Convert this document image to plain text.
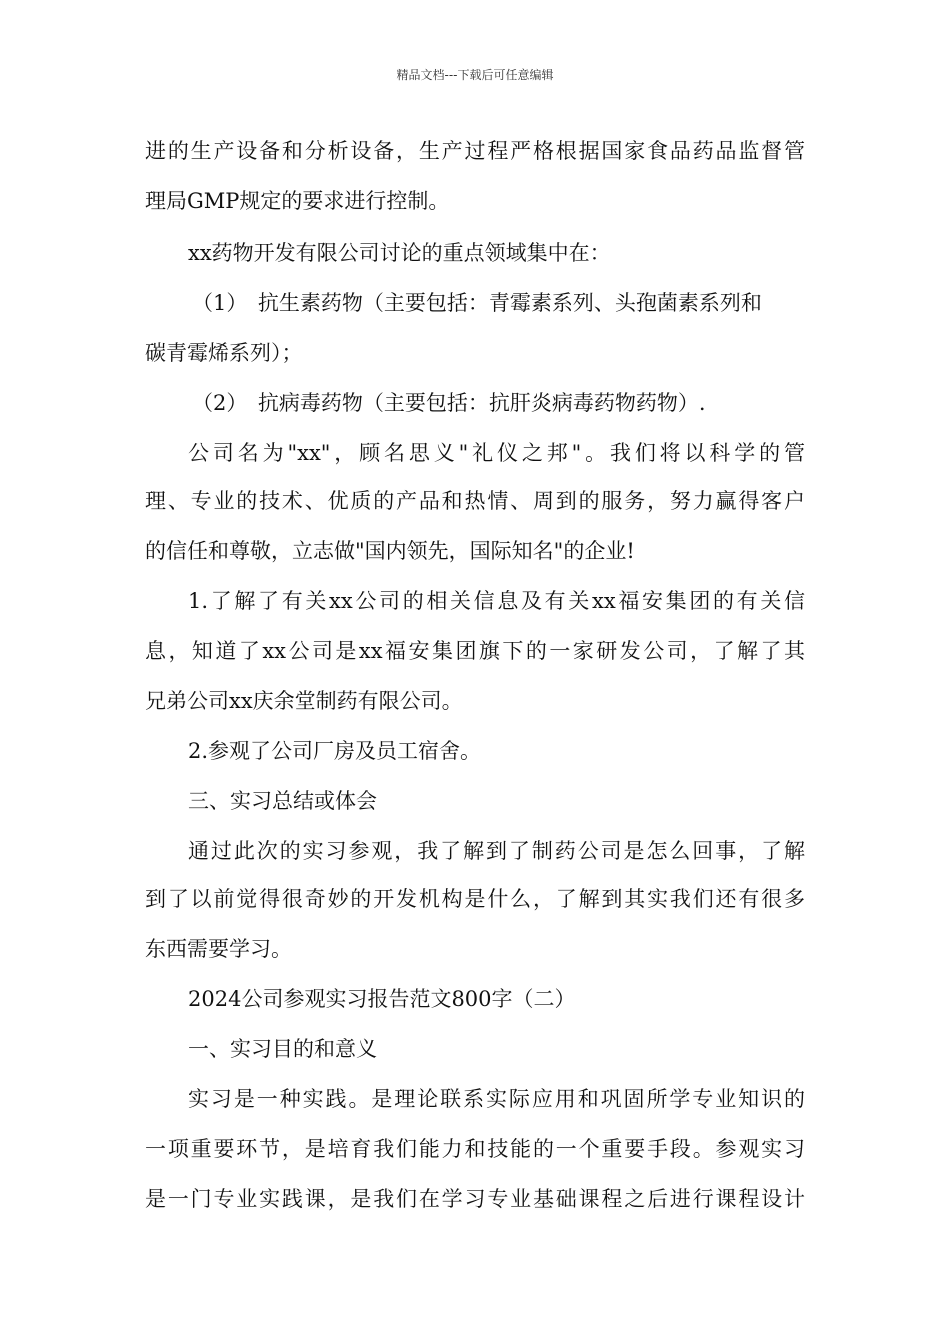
精品文档---下载后可任意编辑
进的生产设备和分析设备，生产过程严格根据国家食品药品监督管
理局GMP规定的要求进行控制。
xx药物开发有限公司讨论的重点领域集中在：
（1）　抗生素药物（主要包括：青霉素系列、头孢菌素系列和
碳青霉烯系列）；
（2）　抗病毒药物（主要包括：抗肝炎病毒药物药物）.
公司名为"xx"，顾名思义"礼仪之邦"。我们将以科学的管
理、专业的技术、优质的产品和热情、周到的服务，努力赢得客户
的信任和尊敬，立志做"国内领先，国际知名"的企业!
1.了解了有关xx公司的相关信息及有关xx福安集团的有关信
息，知道了xx公司是xx福安集团旗下的一家研发公司，了解了其
兄弟公司xx庆余堂制药有限公司。
2.参观了公司厂房及员工宿舍。
三、实习总结或体会
通过此次的实习参观，我了解到了制药公司是怎么回事，了解
到了以前觉得很奇妙的开发机构是什么，了解到其实我们还有很多
东西需要学习。
2024公司参观实习报告范文800字（二）
一、实习目的和意义
实习是一种实践。是理论联系实际应用和巩固所学专业知识的
一项重要环节，是培育我们能力和技能的一个重要手段。参观实习
是一门专业实践课，是我们在学习专业基础课程之后进行课程设计
